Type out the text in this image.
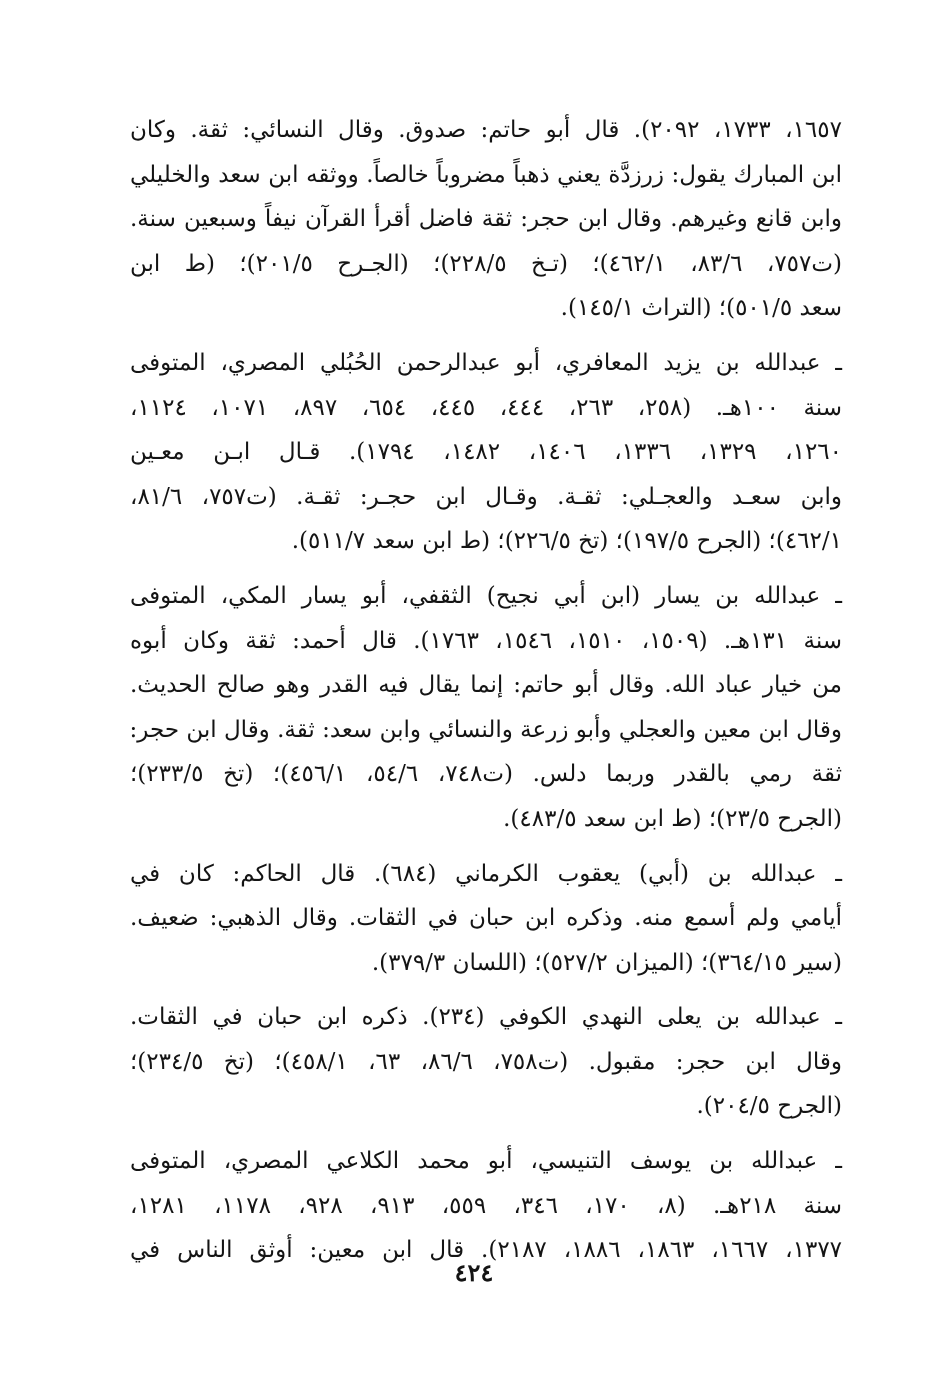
١٦٥٧، ١٧٣٣، ٢٠٩٢). قال أبو حاتم: صدوق. وقال النسائي: ثقة. وكان
ابن المبارك يقول: زرزدَّة يعني ذهباً مضروباً خالصاً. ووثقه ابن سعد والخليلي
وابن قانع وغيرهم. وقال ابن حجر: ثقة فاضل أقرأ القرآن نيفاً وسبعين سنة.
(ت٧٥٧، ٨٣/٦، ٤٦٢/١)؛ (تـخ ٢٢٨/٥)؛ (الجـرح ٢٠١/٥)؛ (ط ابن
سعد ٥٠١/٥)؛ (التراث ١٤٥/١).
ـ عبدالله بن يزيد المعافري، أبو عبدالرحمن الحُبُلي المصري، المتوفى
سنة ١٠٠هـ. (٢٥٨، ٢٦٣، ٤٤٤، ٤٤٥، ٦٥٤، ٨٩٧، ١٠٧١، ١١٢٤،
١٢٦٠، ١٣٢٩، ١٣٣٦، ١٤٠٦، ١٤٨٢، ١٧٩٤). قـال ابـن معـين
وابن سعـد والعجـلي: ثقـة. وقـال ابن حجـر: ثقـة. (ت٧٥٧، ٨١/٦،
٤٦٢/١)؛ (الجرح ١٩٧/٥)؛ (تخ ٢٢٦/٥)؛ (ط ابن سعد ٥١١/٧).
ـ عبدالله بن يسار (ابن أبي نجيح) الثقفي، أبو يسار المكي، المتوفى
سنة ١٣١هـ. (١٥٠٩، ١٥١٠، ١٥٤٦، ١٧٦٣). قال أحمد: ثقة وكان أبوه
من خيار عباد الله. وقال أبو حاتم: إنما يقال فيه القدر وهو صالح الحديث.
وقال ابن معين والعجلي وأبو زرعة والنسائي وابن سعد: ثقة. وقال ابن حجر:
ثقة رمي بالقدر وربما دلس. (ت٧٤٨، ٥٤/٦، ٤٥٦/١)؛ (تخ ٢٣٣/٥)؛
(الجرح ٢٣/٥)؛ (ط ابن سعد ٤٨٣/٥).
ـ عبدالله بن (أبي) يعقوب الكرماني (٦٨٤). قال الحاكم: كان في
أيامي ولم أسمع منه. وذكره ابن حبان في الثقات. وقال الذهبي: ضعيف.
(سير ٣٦٤/١٥)؛ (الميزان ٥٢٧/٢)؛ (اللسان ٣٧٩/٣).
ـ عبدالله بن يعلى النهدي الكوفي (٢٣٤). ذكره ابن حبان في الثقات.
وقال ابن حجر: مقبول. (ت٧٥٨، ٨٦/٦، ٦٣، ٤٥٨/١)؛ (تخ ٢٣٤/٥)؛
(الجرح ٢٠٤/٥).
ـ عبدالله بن يوسف التنيسي، أبو محمد الكلاعي المصري، المتوفى
سنة ٢١٨هـ. (٨، ١٧٠، ٣٤٦، ٥٥٩، ٩١٣، ٩٢٨، ١١٧٨، ١٢٨١،
١٣٧٧، ١٦٦٧، ١٨٦٣، ١٨٨٦، ٢١٨٧). قال ابن معين: أوثق الناس في
٤٢٤
